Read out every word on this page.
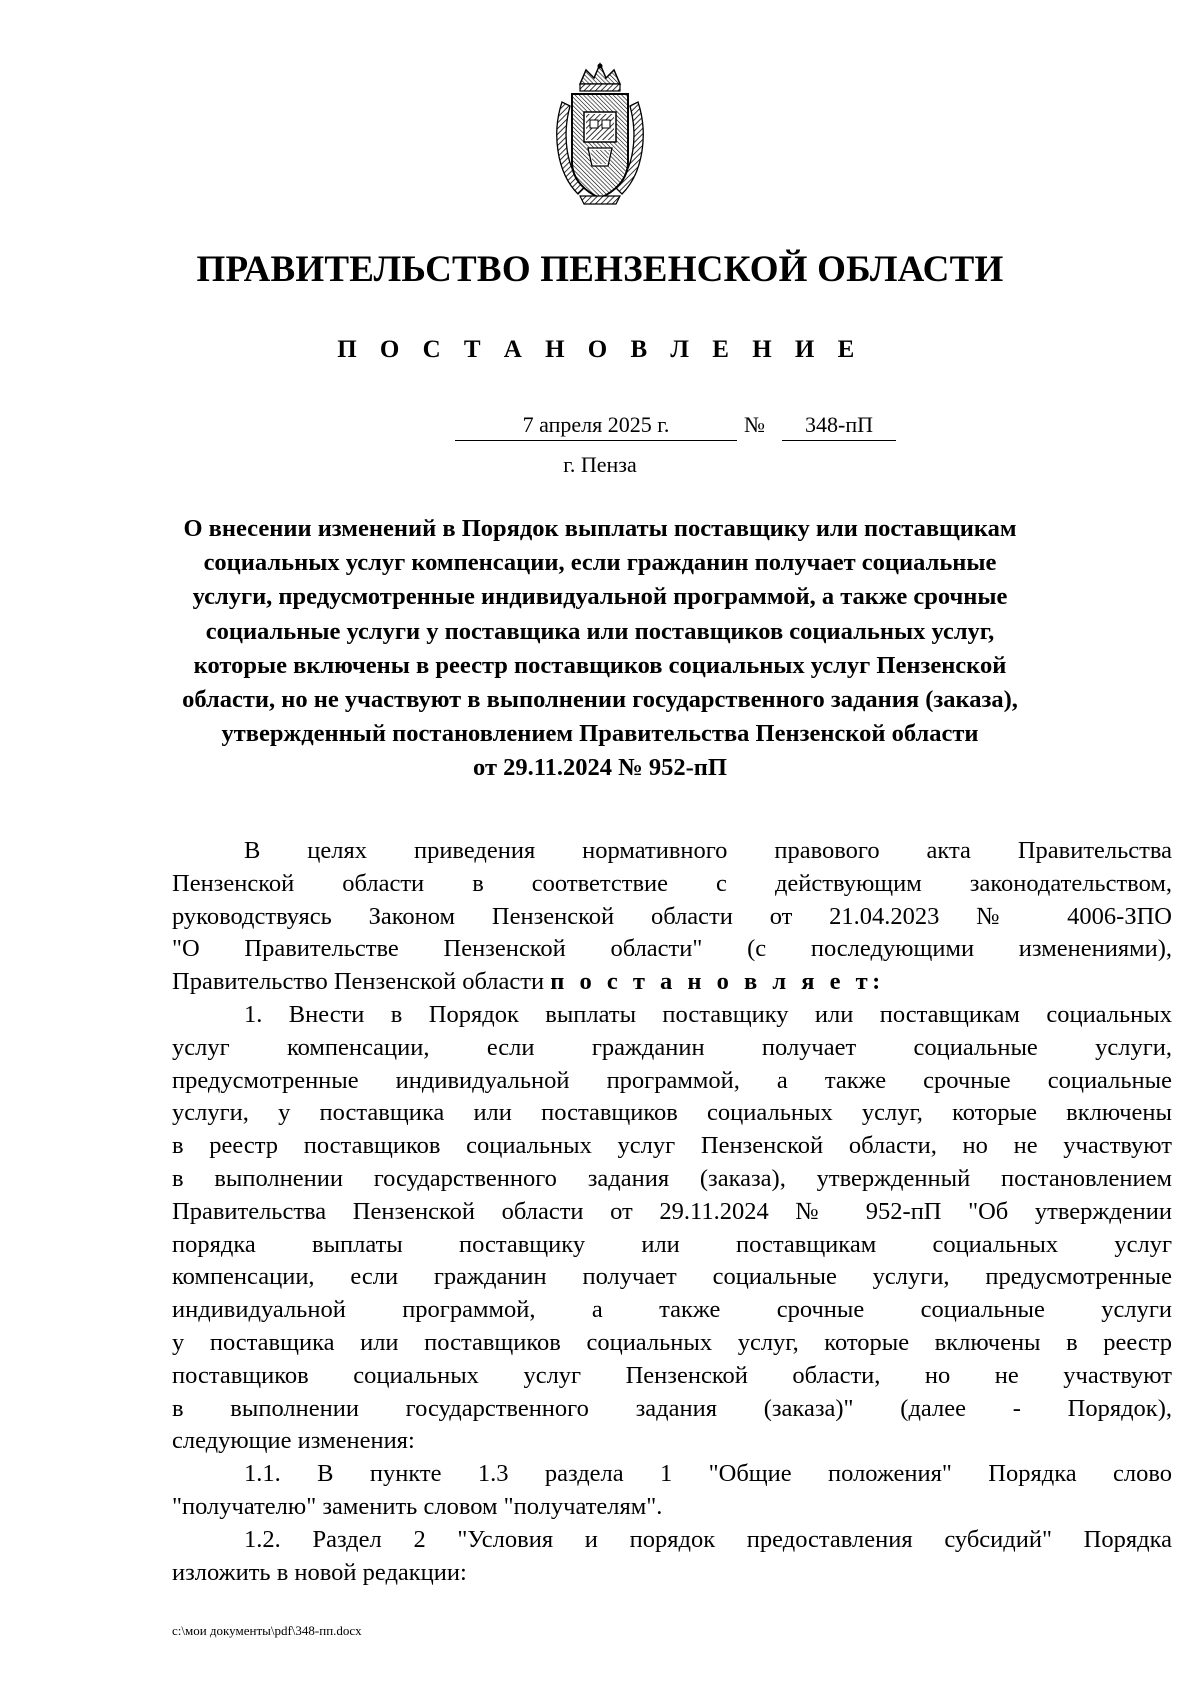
ПРАВИТЕЛЬСТВО ПЕНЗЕНСКОЙ ОБЛАСТИ
П О С Т А Н О В Л Е Н И Е
7 апреля 2025 г.	№	348-пП
г. Пенза
О внесении изменений в Порядок выплаты поставщику или поставщикам
социальных услуг компенсации, если гражданин получает социальные
услуги, предусмотренные индивидуальной программой, а также срочные
социальные услуги у поставщика или поставщиков социальных услуг,
которые включены в реестр поставщиков социальных услуг Пензенской
области, но не участвуют в выполнении государственного задания (заказа),
утвержденный постановлением Правительства Пензенской области
от 29.11.2024 № 952-пП
В целях приведения нормативного правового акта Правительства
Пензенской области в соответствие с действующим законодательством,
руководствуясь Законом Пензенской области от 21.04.2023 № 4006-ЗПО
"О Правительстве Пензенской области" (с последующими изменениями),
Правительство Пензенской области п о с т а н о в л я е т:
1. Внести в Порядок выплаты поставщику или поставщикам социальных
услуг компенсации, если гражданин получает социальные услуги,
предусмотренные индивидуальной программой, а также срочные социальные
услуги, у поставщика или поставщиков социальных услуг, которые включены
в реестр поставщиков социальных услуг Пензенской области, но не участвуют
в выполнении государственного задания (заказа), утвержденный постановлением
Правительства Пензенской области от 29.11.2024 № 952-пП "Об утверждении
порядка выплаты поставщику или поставщикам социальных услуг
компенсации, если гражданин получает социальные услуги, предусмотренные
индивидуальной программой, а также срочные социальные услуги
у поставщика или поставщиков социальных услуг, которые включены в реестр
поставщиков социальных услуг Пензенской области, но не участвуют
в выполнении государственного задания (заказа)" (далее - Порядок),
следующие изменения:
1.1. В пункте 1.3 раздела 1 "Общие положения" Порядка слово
"получателю" заменить словом "получателям".
1.2. Раздел 2 "Условия и порядок предоставления субсидий" Порядка
изложить в новой редакции:
c:\мои документы\pdf\348-пп.docx
